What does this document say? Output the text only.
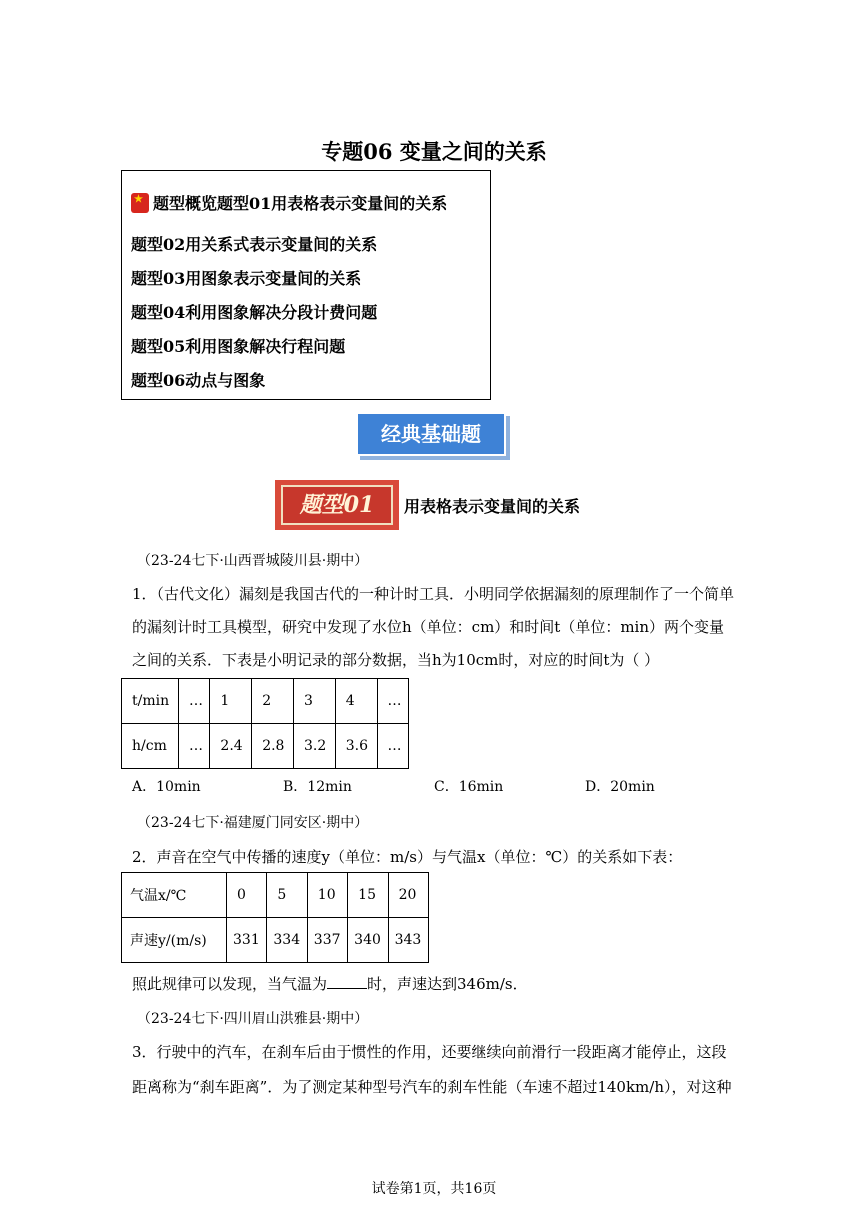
专题06 变量之间的关系
★题型概览题型01用表格表示变量间的关系
题型02用关系式表示变量间的关系
题型03用图象表示变量间的关系
题型04利用图象解决分段计费问题
题型05利用图象解决行程问题
题型06动点与图象
经典基础题
题型01	用表格表示变量间的关系
（23-24七下·山西晋城陵川县·期中）
1．（古代文化）漏刻是我国古代的一种计时工具．小明同学依据漏刻的原理制作了一个简单
的漏刻计时工具模型，研究中发现了水位h（单位：cm）和时间t（单位：min）两个变量
之间的关系．下表是小明记录的部分数据，当h为10cm时，对应的时间t为（ ）
t/min	…	1	2	3	4	…
h/cm	…	2.4	2.8	3.2	3.6	…
A．10min	B．12min	C．16min	D．20min
（23-24七下·福建厦门同安区·期中）
2．声音在空气中传播的速度y（单位：m/s）与气温x（单位：℃）的关系如下表：
气温x/℃	0	5	10	15	20
声速y/(m/s)	331	334	337	340	343
照此规律可以发现，当气温为	时，声速达到346m/s．
（23-24七下·四川眉山洪雅县·期中）
3．行驶中的汽车，在刹车后由于惯性的作用，还要继续向前滑行一段距离才能停止，这段
距离称为“刹车距离”．为了测定某种型号汽车的刹车性能（车速不超过140km/h），对这种
试卷第1页，共16页
